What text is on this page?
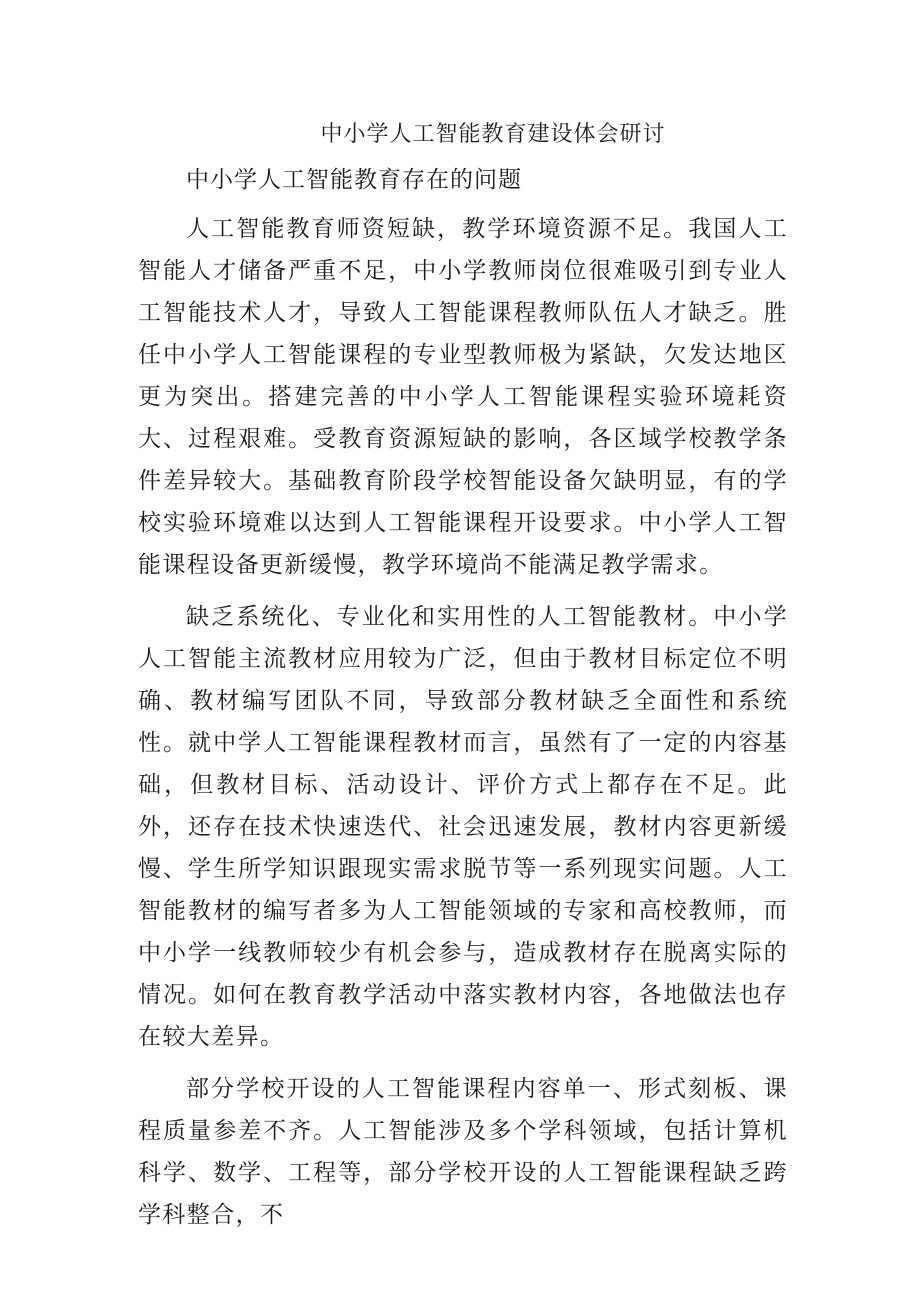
中小学人工智能教育建设体会研讨
中小学人工智能教育存在的问题

人工智能教育师资短缺，教学环境资源不足。我国人工智能人才储备严重不足，中小学教师岗位很难吸引到专业人工智能技术人才，导致人工智能课程教师队伍人才缺乏。胜任中小学人工智能课程的专业型教师极为紧缺，欠发达地区更为突出。搭建完善的中小学人工智能课程实验环境耗资大、过程艰难。受教育资源短缺的影响，各区域学校教学条件差异较大。基础教育阶段学校智能设备欠缺明显，有的学校实验环境难以达到人工智能课程开设要求。中小学人工智能课程设备更新缓慢，教学环境尚不能满足教学需求。

缺乏系统化、专业化和实用性的人工智能教材。中小学人工智能主流教材应用较为广泛，但由于教材目标定位不明确、教材编写团队不同，导致部分教材缺乏全面性和系统性。就中学人工智能课程教材而言，虽然有了一定的内容基础，但教材目标、活动设计、评价方式上都存在不足。此外，还存在技术快速迭代、社会迅速发展，教材内容更新缓慢、学生所学知识跟现实需求脱节等一系列现实问题。人工智能教材的编写者多为人工智能领域的专家和高校教师，而中小学一线教师较少有机会参与，造成教材存在脱离实际的情况。如何在教育教学活动中落实教材内容，各地做法也存在较大差异。

部分学校开设的人工智能课程内容单一、形式刻板、课程质量参差不齐。人工智能涉及多个学科领域，包括计算机科学、数学、工程等，部分学校开设的人工智能课程缺乏跨学科整合，不
